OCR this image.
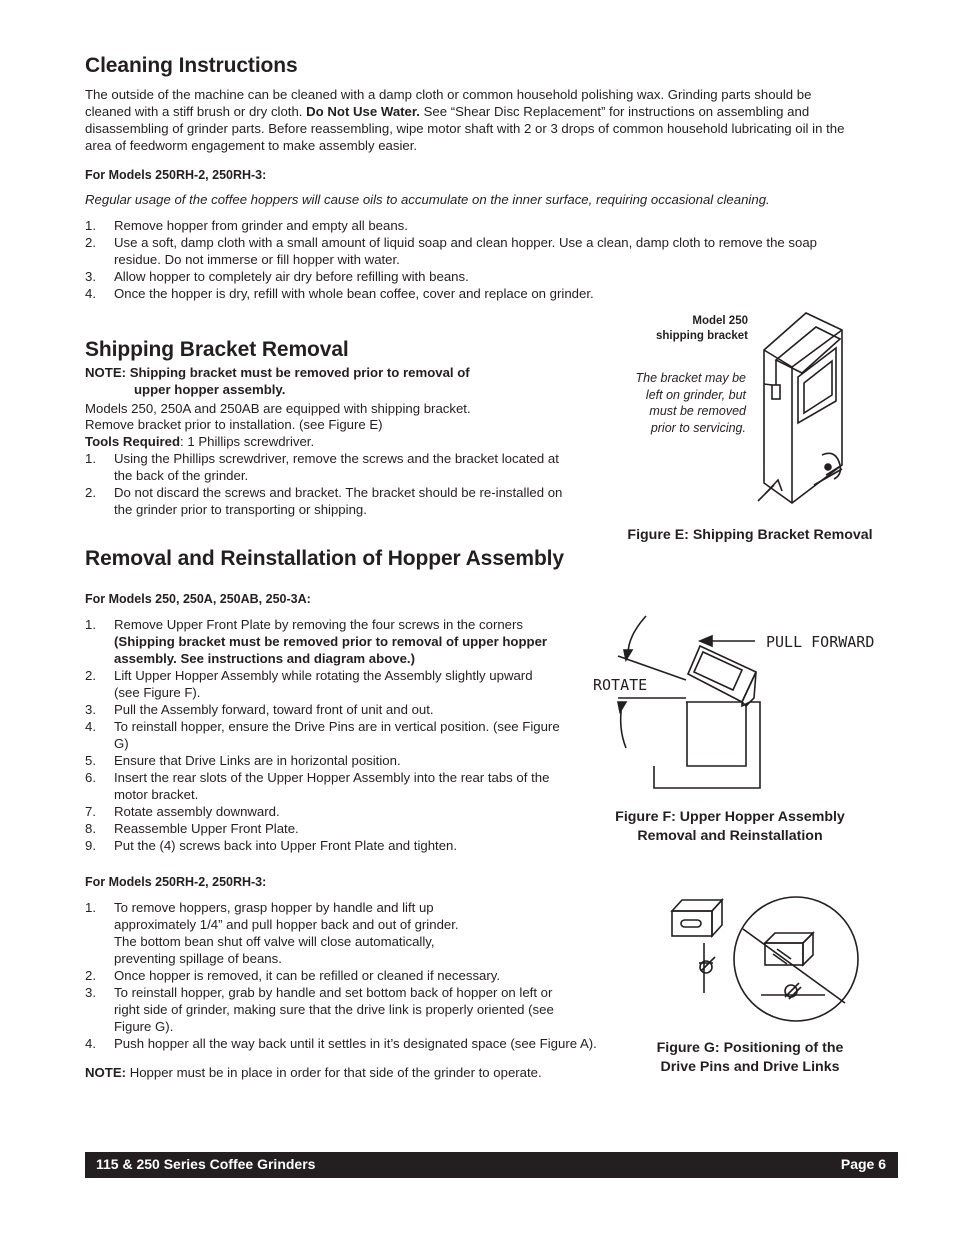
Cleaning Instructions
The outside of the machine can be cleaned with a damp cloth or common household polishing wax. Grinding parts should be cleaned with a stiff brush or dry cloth. Do Not Use Water. See “Shear Disc Replacement” for instructions on assembling and disassembling of grinder parts. Before reassembling, wipe motor shaft with 2 or 3 drops of common household lubricating oil in the area of feedworm engagement to make assembly easier.
For Models 250RH-2, 250RH-3:
Regular usage of the coffee hoppers will cause oils to accumulate on the inner surface, requiring occasional cleaning.
1. Remove hopper from grinder and empty all beans.
2. Use a soft, damp cloth with a small amount of liquid soap and clean hopper. Use a clean, damp cloth to remove the soap residue. Do not immerse or fill hopper with water.
3. Allow hopper to completely air dry before refilling with beans.
4. Once the hopper is dry, refill with whole bean coffee, cover and replace on grinder.
Shipping Bracket Removal
NOTE: Shipping bracket must be removed prior to removal of
upper hopper assembly.
Models 250, 250A and 250AB are equipped with shipping bracket.
Remove bracket prior to installation. (see Figure E)
Tools Required: 1 Phillips screwdriver.
1. Using the Phillips screwdriver, remove the screws and the bracket located at the back of the grinder.
2. Do not discard the screws and bracket. The bracket should be re-installed on the grinder prior to transporting or shipping.
Model 250
shipping bracket
The bracket may be
left on grinder, but
must be removed
prior to servicing.
Figure E: Shipping Bracket Removal
Removal and Reinstallation of Hopper Assembly
For Models 250, 250A, 250AB, 250-3A:
1. Remove Upper Front Plate by removing the four screws in the corners
(Shipping bracket must be removed prior to removal of upper hopper assembly. See instructions and diagram above.)
2. Lift Upper Hopper Assembly while rotating the Assembly slightly upward (see Figure F).
3. Pull the Assembly forward, toward front of unit and out.
4. To reinstall hopper, ensure the Drive Pins are in vertical position. (see Figure G)
5. Ensure that Drive Links are in horizontal position.
6. Insert the rear slots of the Upper Hopper Assembly into the rear tabs of the motor bracket.
7. Rotate assembly downward.
8. Reassemble Upper Front Plate.
9. Put the (4) screws back into Upper Front Plate and tighten.
PULL FORWARD
ROTATE
Figure F: Upper Hopper Assembly
Removal and Reinstallation
For Models 250RH-2, 250RH-3:
1. To remove hoppers, grasp hopper by handle and lift up approximately 1/4” and pull hopper back and out of grinder. The bottom bean shut off valve will close automatically, preventing spillage of beans.
2. Once hopper is removed, it can be refilled or cleaned if necessary.
3. To reinstall hopper, grab by handle and set bottom back of hopper on left or right side of grinder, making sure that the drive link is properly oriented (see Figure G).
4. Push hopper all the way back until it settles in it’s designated space (see Figure A).
NOTE: Hopper must be in place in order for that side of the grinder to operate.
Figure G: Positioning of the
Drive Pins and Drive Links
115 & 250 Series Coffee Grinders	Page 6
